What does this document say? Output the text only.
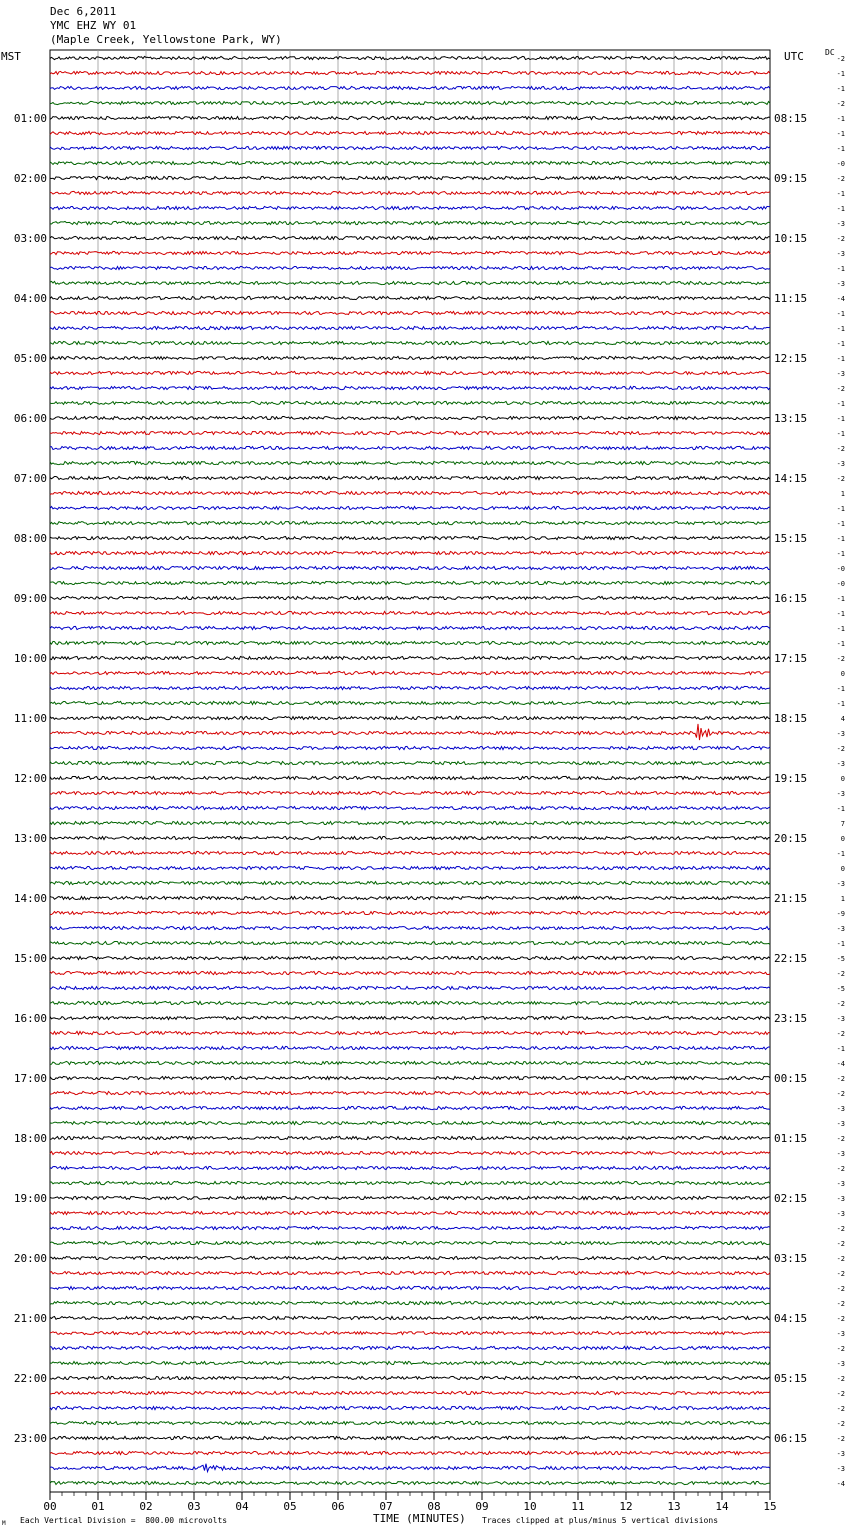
Dec 6,2011
YMC EHZ WY 01
(Maple Creek, Yellowstone Park, WY)
MST	UTC	DC
00	01	02	03	04	05	06	07	08	09	10	11	12	13	14	15
-2
-1
-1
-2
-1
-1
-1
-0
-2
-1
-1
-3
-2
-3
-1
-3
-4
-1
-1
-1
-1
-3
-2
-1
-1
-1
-2
-3
-2
1
-1
-1
-1
-1
-0
-0
-1
-1
-1
-1
-2
0
-1
-1
4
-3
-2
-3
0
-3
-1
7
0
-1
0
-3
1
-9
-3
-1
-5
-2
-5
-2
-3
-2
-1
-4
-2
-2
-3
-3
-2
-3
-2
-3
-3
-3
-2
-2
-2
-2
-2
-2
-2
-3
-2
-3
-2
-2
-2
-2
-2
-3
-3
-4
01:00
02:00
03:00
04:00
05:00
06:00
07:00
08:00
09:00
10:00
11:00
12:00
13:00
14:00
15:00
16:00
17:00
18:00
19:00
20:00
21:00
22:00
23:00
08:15
09:15
10:15
11:15
12:15
13:15
14:15
15:15
16:15
17:15
18:15
19:15
20:15
21:15
22:15
23:15
00:15
01:15
02:15
03:15
04:15
05:15
06:15
M Each Vertical Division =  800.00 microvolts	TIME (MINUTES) Traces clipped at plus/minus 5 vertical divisions
